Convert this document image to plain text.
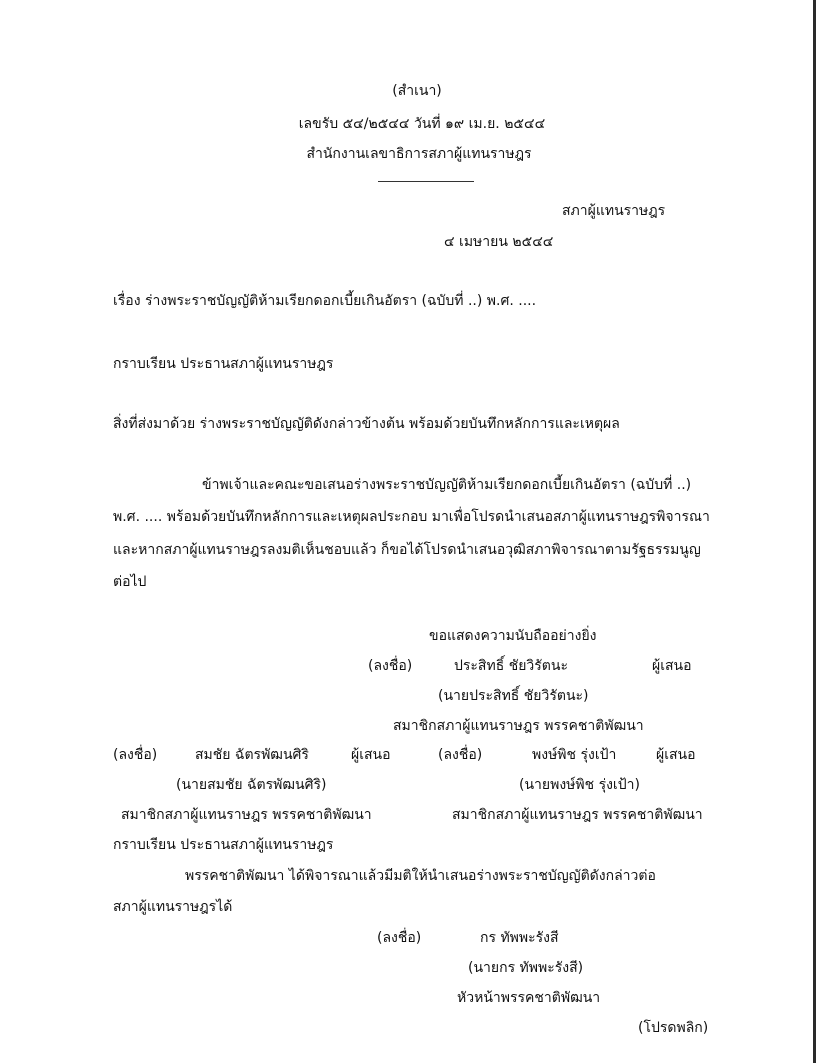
(สำเนา)
เลขรับ ๕๔/๒๕๔๔ วันที่ ๑๙ เม.ย. ๒๕๔๔
สำนักงานเลขาธิการสภาผู้แทนราษฎร
สภาผู้แทนราษฎร
๔ เมษายน ๒๕๔๔
เรื่อง ร่างพระราชบัญญัติห้ามเรียกดอกเบี้ยเกินอัตรา (ฉบับที่ ..) พ.ศ. ....
กราบเรียน ประธานสภาผู้แทนราษฎร
สิ่งที่ส่งมาด้วย ร่างพระราชบัญญัติดังกล่าวข้างต้น พร้อมด้วยบันทึกหลักการและเหตุผล
ข้าพเจ้าและคณะขอเสนอร่างพระราชบัญญัติห้ามเรียกดอกเบี้ยเกินอัตรา (ฉบับที่ ..)
พ.ศ. .... พร้อมด้วยบันทึกหลักการและเหตุผลประกอบ มาเพื่อโปรดนำเสนอสภาผู้แทนราษฎรพิจารณา
และหากสภาผู้แทนราษฎรลงมติเห็นชอบแล้ว ก็ขอได้โปรดนำเสนอวุฒิสภาพิจารณาตามรัฐธรรมนูญ
ต่อไป
ขอแสดงความนับถืออย่างยิ่ง
(ลงชื่อ)	ประสิทธิ์ ชัยวิรัตนะ	ผู้เสนอ
(นายประสิทธิ์ ชัยวิรัตนะ)
สมาชิกสภาผู้แทนราษฎร พรรคชาติพัฒนา
(ลงชื่อ)	สมชัย ฉัตรพัฒนศิริ	ผู้เสนอ	(ลงชื่อ)	พงษ์พิช รุ่งเป้า	ผู้เสนอ
(นายสมชัย ฉัตรพัฒนศิริ)	(นายพงษ์พิช รุ่งเป้า)
สมาชิกสภาผู้แทนราษฎร พรรคชาติพัฒนา	สมาชิกสภาผู้แทนราษฎร พรรคชาติพัฒนา
กราบเรียน ประธานสภาผู้แทนราษฎร
พรรคชาติพัฒนา ได้พิจารณาแล้วมีมติให้นำเสนอร่างพระราชบัญญัติดังกล่าวต่อ
สภาผู้แทนราษฎรได้
(ลงชื่อ)	กร ทัพพะรังสี
(นายกร ทัพพะรังสี)
หัวหน้าพรรคชาติพัฒนา
(โปรดพลิก)
